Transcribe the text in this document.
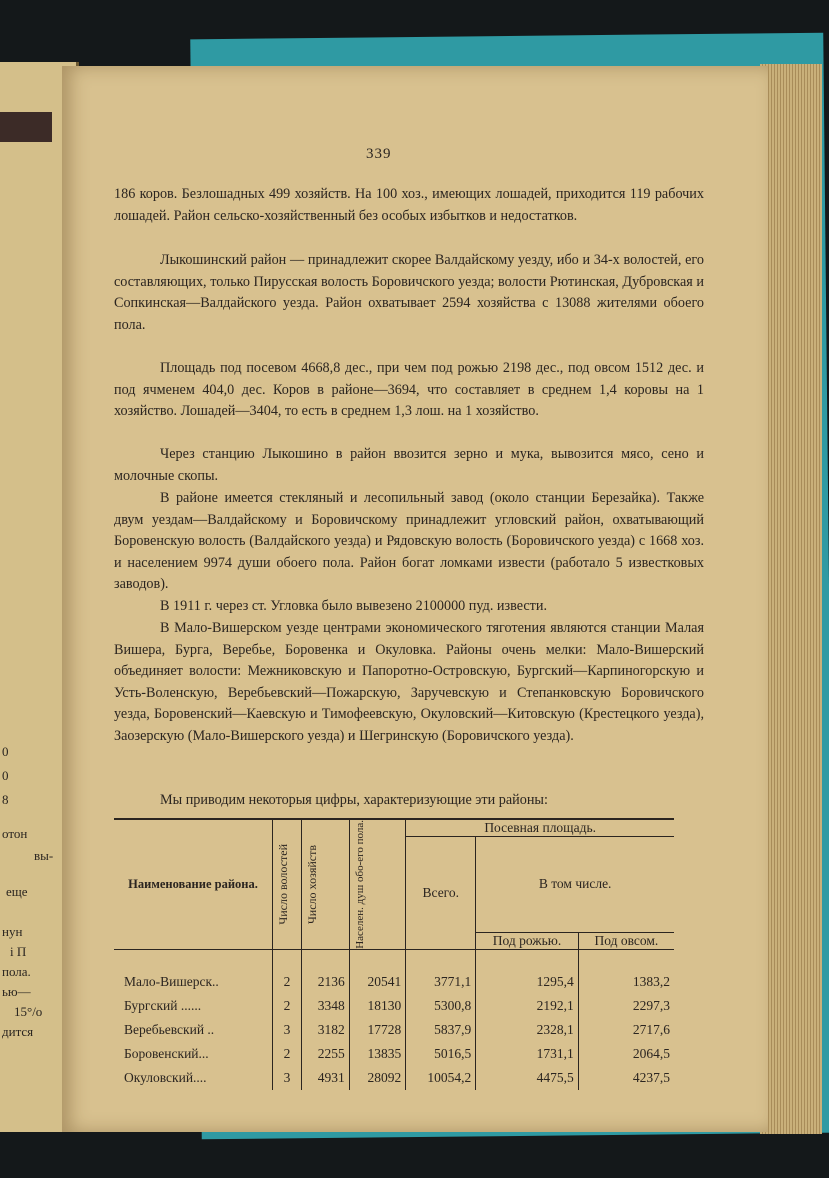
0
0
8
отон
вы-
еще
нун
і П
пола.
ью—
15°/o
дится
339

186 коров. Безлошадных 499 хозяйств. На 100 хоз., имеющих лошадей, приходится 119 рабочих лошадей. Район сельско-хозяйственный без особых избытков и недостатков.

Лыкошинский район — принадлежит скорее Валдайскому уезду, ибо и 34-х волостей, его составляющих, только Пирусская волость Боровичского уезда; волости Рютинская, Дубровская и Сопкинская—Валдайского уезда. Район охватывает 2594 хозяйства с 13088 жителями обоего пола.

Площадь под посевом 4668,8 дес., при чем под рожью 2198 дес., под овсом 1512 дес. и под ячменем 404,0 дес. Коров в районе—3694, что составляет в среднем 1,4 коровы на 1 хозяйство. Лошадей—3404, то есть в среднем 1,3 лош. на 1 хозяйство.

Через станцию Лыкошино в район ввозится зерно и мука, вывозится мясо, сено и молочные скопы.

В районе имеется стекляный и лесопильный завод (около станции Березайка). Также двум уездам—Валдайскому и Боровичскому принадлежит угловский район, охватывающий Боровенскую волость (Валдайского уезда) и Рядовскую волость (Боровичского уезда) с 1668 хоз. и населением 9974 души обоего пола. Район богат ломками извести (работало 5 известковых заводов).

В 1911 г. через ст. Угловка было вывезено 2100000 пуд. извести.

В Мало-Вишерском уезде центрами экономического тяготения являются станции Малая Вишера, Бурга, Веребье, Боровенка и Окуловка. Районы очень мелки: Мало-Вишерский объединяет волости: Межниковскую и Папоротно-Островскую, Бургский—Карпиногорскую и Усть-Воленскую, Веребьевский—Пожарскую, Заручевскую и Степанковскую Боровичского уезда, Боровенский—Каевскую и Тимофеевскую, Окуловский—Китовскую (Крестецкого уезда), Заозерскую (Мало-Вишерского уезда) и Шегринскую (Боровичского уезда).

Мы приводим некоторыя цифры, характеризующие эти районы:

Наименование района.	Число волостей	Число хозяйств	Населен. душ обо-его пола.	Посевная площадь.		
				Всего.	В том числе.	
					Под рожью.	Под овсом.

Мало-Вишерск..	2	2136	20541	3771,1	1295,4	1383,2
Бургский ......	2	3348	18130	5300,8	2192,1	2297,3
Веребьевский ..	3	3182	17728	5837,9	2328,1	2717,6
Боровенский...	2	2255	13835	5016,5	1731,1	2064,5
Окуловский....	3	4931	28092	10054,2	4475,5	4237,5
